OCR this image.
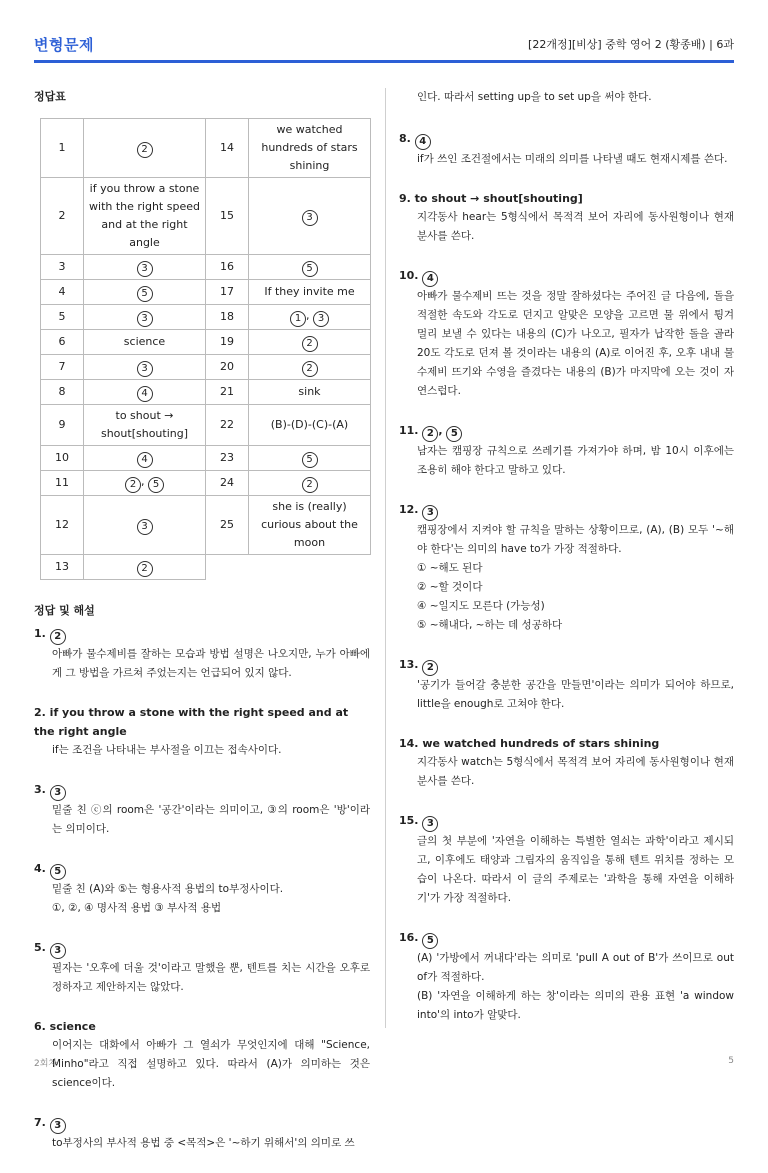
변형문제	[22개정][비상] 중학 영어 2 (황종배) | 6과
정답표
1	2	14	we watched hundreds of stars shining
2	if you throw a stone with the right speed and at the right angle	15	3
3	3	16	5
4	5	17	If they invite me
5	3	18	1 , 3
6	science	19	2
7	3	20	2
8	4	21	sink
9	to shout → shout[shouting]	22	(B)-(D)-(C)-(A)
10	4	23	5
11	2 , 5	24	2
12	3	25	she is (really) curious about the moon
13	2		
정답 및 해설
1. 2

아빠가 물수제비를 잘하는 모습과 방법 설명은 나오지만, 누가 아빠에게 그 방법을 가르쳐 주었는지는 언급되어 있지 않다.

2. if you throw a stone with the right speed and at the right angle

if는 조건을 나타내는 부사절을 이끄는 접속사이다.

3. 3

밑줄 친 ⓒ의 room은 '공간'이라는 의미이고, ③의 room은 '방'이라는 의미이다.

4. 5

밑줄 친 (A)와 ⑤는 형용사적 용법의 to부정사이다.

①, ②, ④ 명사적 용법 ③ 부사적 용법

5. 3

필자는 '오후에 더울 것'이라고 말했을 뿐, 텐트를 치는 시간을 오후로 정하자고 제안하지는 않았다.

6. science

이어지는 대화에서 아빠가 그 열쇠가 무엇인지에 대해 "Science, Minho"라고 직접 설명하고 있다. 따라서 (A)가 의미하는 것은 science이다.

7. 3

to부정사의 부사적 용법 중 <목적>은 '~하기 위해서'의 의미로 쓰

인다. 따라서 setting up을 to set up을 써야 한다.
8. 4

if가 쓰인 조건절에서는 미래의 의미를 나타낼 때도 현재시제를 쓴다.

9. to shout → shout[shouting]

지각동사 hear는 5형식에서 목적격 보어 자리에 동사원형이나 현재분사를 쓴다.

10. 4

아빠가 물수제비 뜨는 것을 정말 잘하셨다는 주어진 글 다음에, 돌을 적절한 속도와 각도로 던지고 알맞은 모양을 고르면 물 위에서 튕겨 멀리 보낼 수 있다는 내용의 (C)가 나오고, 필자가 납작한 돌을 골라 20도 각도로 던져 볼 것이라는 내용의 (A)로 이어진 후, 오후 내내 물수제비 뜨기와 수영을 즐겼다는 내용의 (B)가 마지막에 오는 것이 자연스럽다.

11. 2 , 5

남자는 캠핑장 규칙으로 쓰레기를 가져가야 하며, 밤 10시 이후에는 조용히 해야 한다고 말하고 있다.

12. 3

캠핑장에서 지켜야 할 규칙을 말하는 상황이므로, (A), (B) 모두 '~해야 한다'는 의미의 have to가 가장 적절하다.

① ~해도 된다

② ~할 것이다

④ ~일지도 모른다 (가능성)

⑤ ~해내다, ~하는 데 성공하다

13. 2

'공기가 들어갈 충분한 공간을 만들면'이라는 의미가 되어야 하므로, little을 enough로 고쳐야 한다.

14. we watched hundreds of stars shining

지각동사 watch는 5형식에서 목적격 보어 자리에 동사원형이나 현재분사를 쓴다.

15. 3

글의 첫 부분에 '자연을 이해하는 특별한 열쇠는 과학'이라고 제시되고, 이후에도 태양과 그림자의 움직임을 통해 텐트 위치를 정하는 모습이 나온다. 따라서 이 글의 주제로는 '과학을 통해 자연을 이해하기'가 가장 적절하다.

16. 5

(A) '가방에서 꺼내다'라는 의미로 'pull A out of B'가 쓰이므로 out of가 적절하다.

(B) '자연을 이해하게 하는 창'이라는 의미의 관용 표현 'a window into'의 into가 알맞다.

2회차	5
